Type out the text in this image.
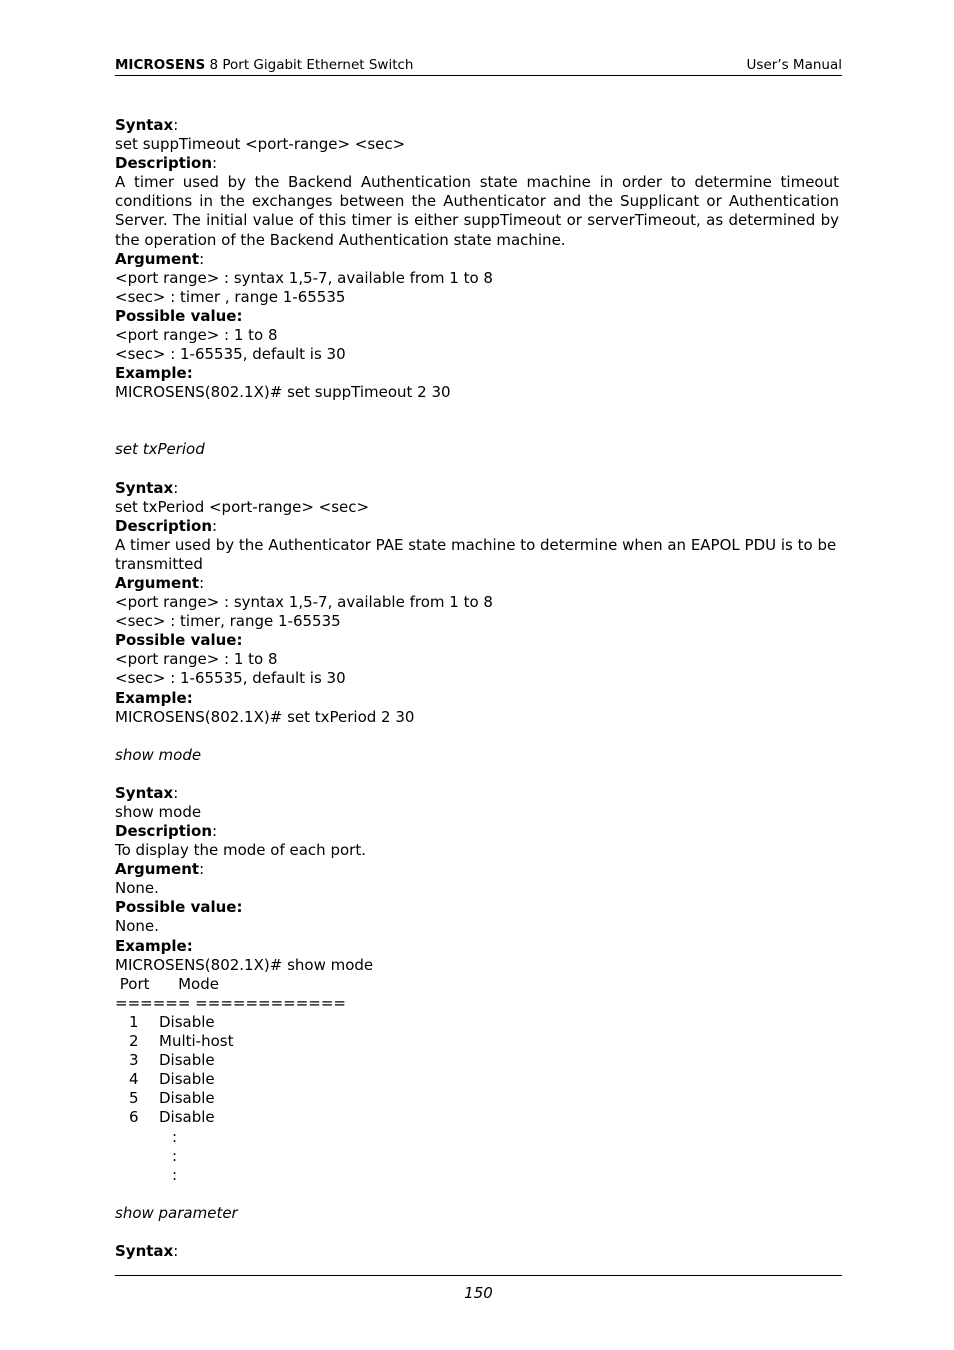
MICROSENS 8 Port Gigabit Ethernet Switch	User’s Manual
Syntax:
set suppTimeout <port-range> <sec>
Description:
A timer used by the Backend Authentication state machine in order to determine timeout conditions in the exchanges between the Authenticator and the Supplicant or Authentication Server. The initial value of this timer is either suppTimeout or serverTimeout, as determined by the operation of the Backend Authentication state machine.
Argument:
<port range> : syntax 1,5-7, available from 1 to 8
<sec> : timer , range 1-65535
Possible value:
<port range> : 1 to 8
<sec> : 1-65535, default is 30
Example:
MICROSENS(802.1X)# set suppTimeout 2 30
set txPeriod
Syntax:
set txPeriod <port-range> <sec>
Description:
A timer used by the Authenticator PAE state machine to determine when an EAPOL PDU is to be
transmitted
Argument:
<port range> : syntax 1,5-7, available from 1 to 8
<sec> : timer, range 1-65535
Possible value:
<port range> : 1 to 8
<sec> : 1-65535, default is 30
Example:
MICROSENS(802.1X)# set txPeriod 2 30
show mode
Syntax:
show mode
Description:
To display the mode of each port.
Argument:
None.
Possible value:
None.
Example:
MICROSENS(802.1X)# show mode
Port      Mode
====== ============
1 Disable
2 Multi-host
3 Disable
4 Disable
5 Disable
6 Disable
:
:
:
show parameter
Syntax:
150
